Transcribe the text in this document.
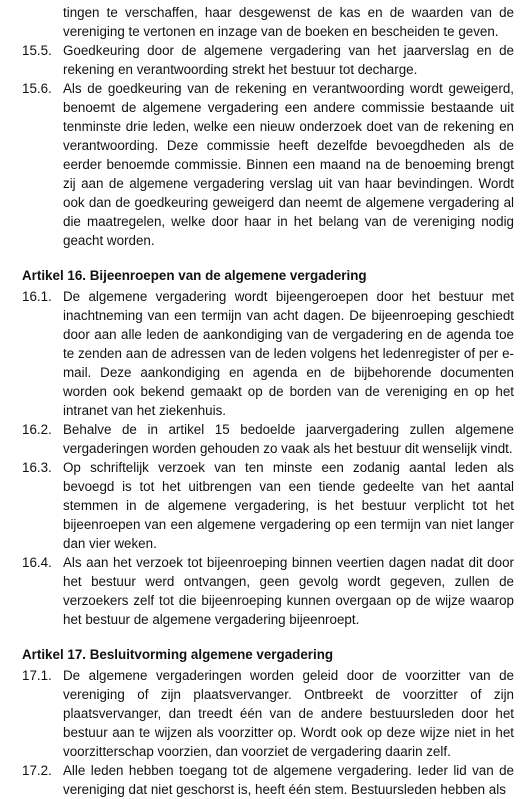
tingen te verschaffen, haar desgewenst de kas en de waarden van de vereniging te vertonen en inzage van de boeken en bescheiden te geven.
15.5. Goedkeuring door de algemene vergadering van het jaarverslag en de rekening en verantwoording strekt het bestuur tot decharge.
15.6. Als de goedkeuring van de rekening en verantwoording wordt geweigerd, benoemt de algemene vergadering een andere commissie bestaande uit tenminste drie leden, welke een nieuw onderzoek doet van de rekening en verantwoording. Deze commissie heeft dezelfde bevoegdheden als de eerder benoemde commissie. Binnen een maand na de benoeming brengt zij aan de algemene vergadering verslag uit van haar bevindingen. Wordt ook dan de goedkeuring geweigerd dan neemt de algemene vergadering al die maatregelen, welke door haar in het belang van de vereniging nodig geacht worden.
Artikel 16. Bijeenroepen van de algemene vergadering
16.1. De algemene vergadering wordt bijeengeroepen door het bestuur met inachtneming van een termijn van acht dagen. De bijeenroeping geschiedt door aan alle leden de aankondiging van de vergadering en de agenda toe te zenden aan de adressen van de leden volgens het ledenregister of per e-mail. Deze aankondiging en agenda en de bijbehorende documenten worden ook bekend gemaakt op de borden van de vereniging en op het intranet van het ziekenhuis.
16.2. Behalve de in artikel 15 bedoelde jaarvergadering zullen algemene vergaderingen worden gehouden zo vaak als het bestuur dit wenselijk vindt.
16.3. Op schriftelijk verzoek van ten minste een zodanig aantal leden als bevoegd is tot het uitbrengen van een tiende gedeelte van het aantal stemmen in de algemene vergadering, is het bestuur verplicht tot het bijeenroepen van een algemene vergadering op een termijn van niet langer dan vier weken.
16.4. Als aan het verzoek tot bijeenroeping binnen veertien dagen nadat dit door het bestuur werd ontvangen, geen gevolg wordt gegeven, zullen de verzoekers zelf tot die bijeenroeping kunnen overgaan op de wijze waarop het bestuur de algemene vergadering bijeenroept.
Artikel 17. Besluitvorming algemene vergadering
17.1. De algemene vergaderingen worden geleid door de voorzitter van de vereniging of zijn plaatsvervanger. Ontbreekt de voorzitter of zijn plaatsvervanger, dan treedt één van de andere bestuursleden door het bestuur aan te wijzen als voorzitter op. Wordt ook op deze wijze niet in het voorzitterschap voorzien, dan voorziet de vergadering daarin zelf.
17.2. Alle leden hebben toegang tot de algemene vergadering. Ieder lid van de vereniging dat niet geschorst is, heeft één stem. Bestuursleden hebben als
